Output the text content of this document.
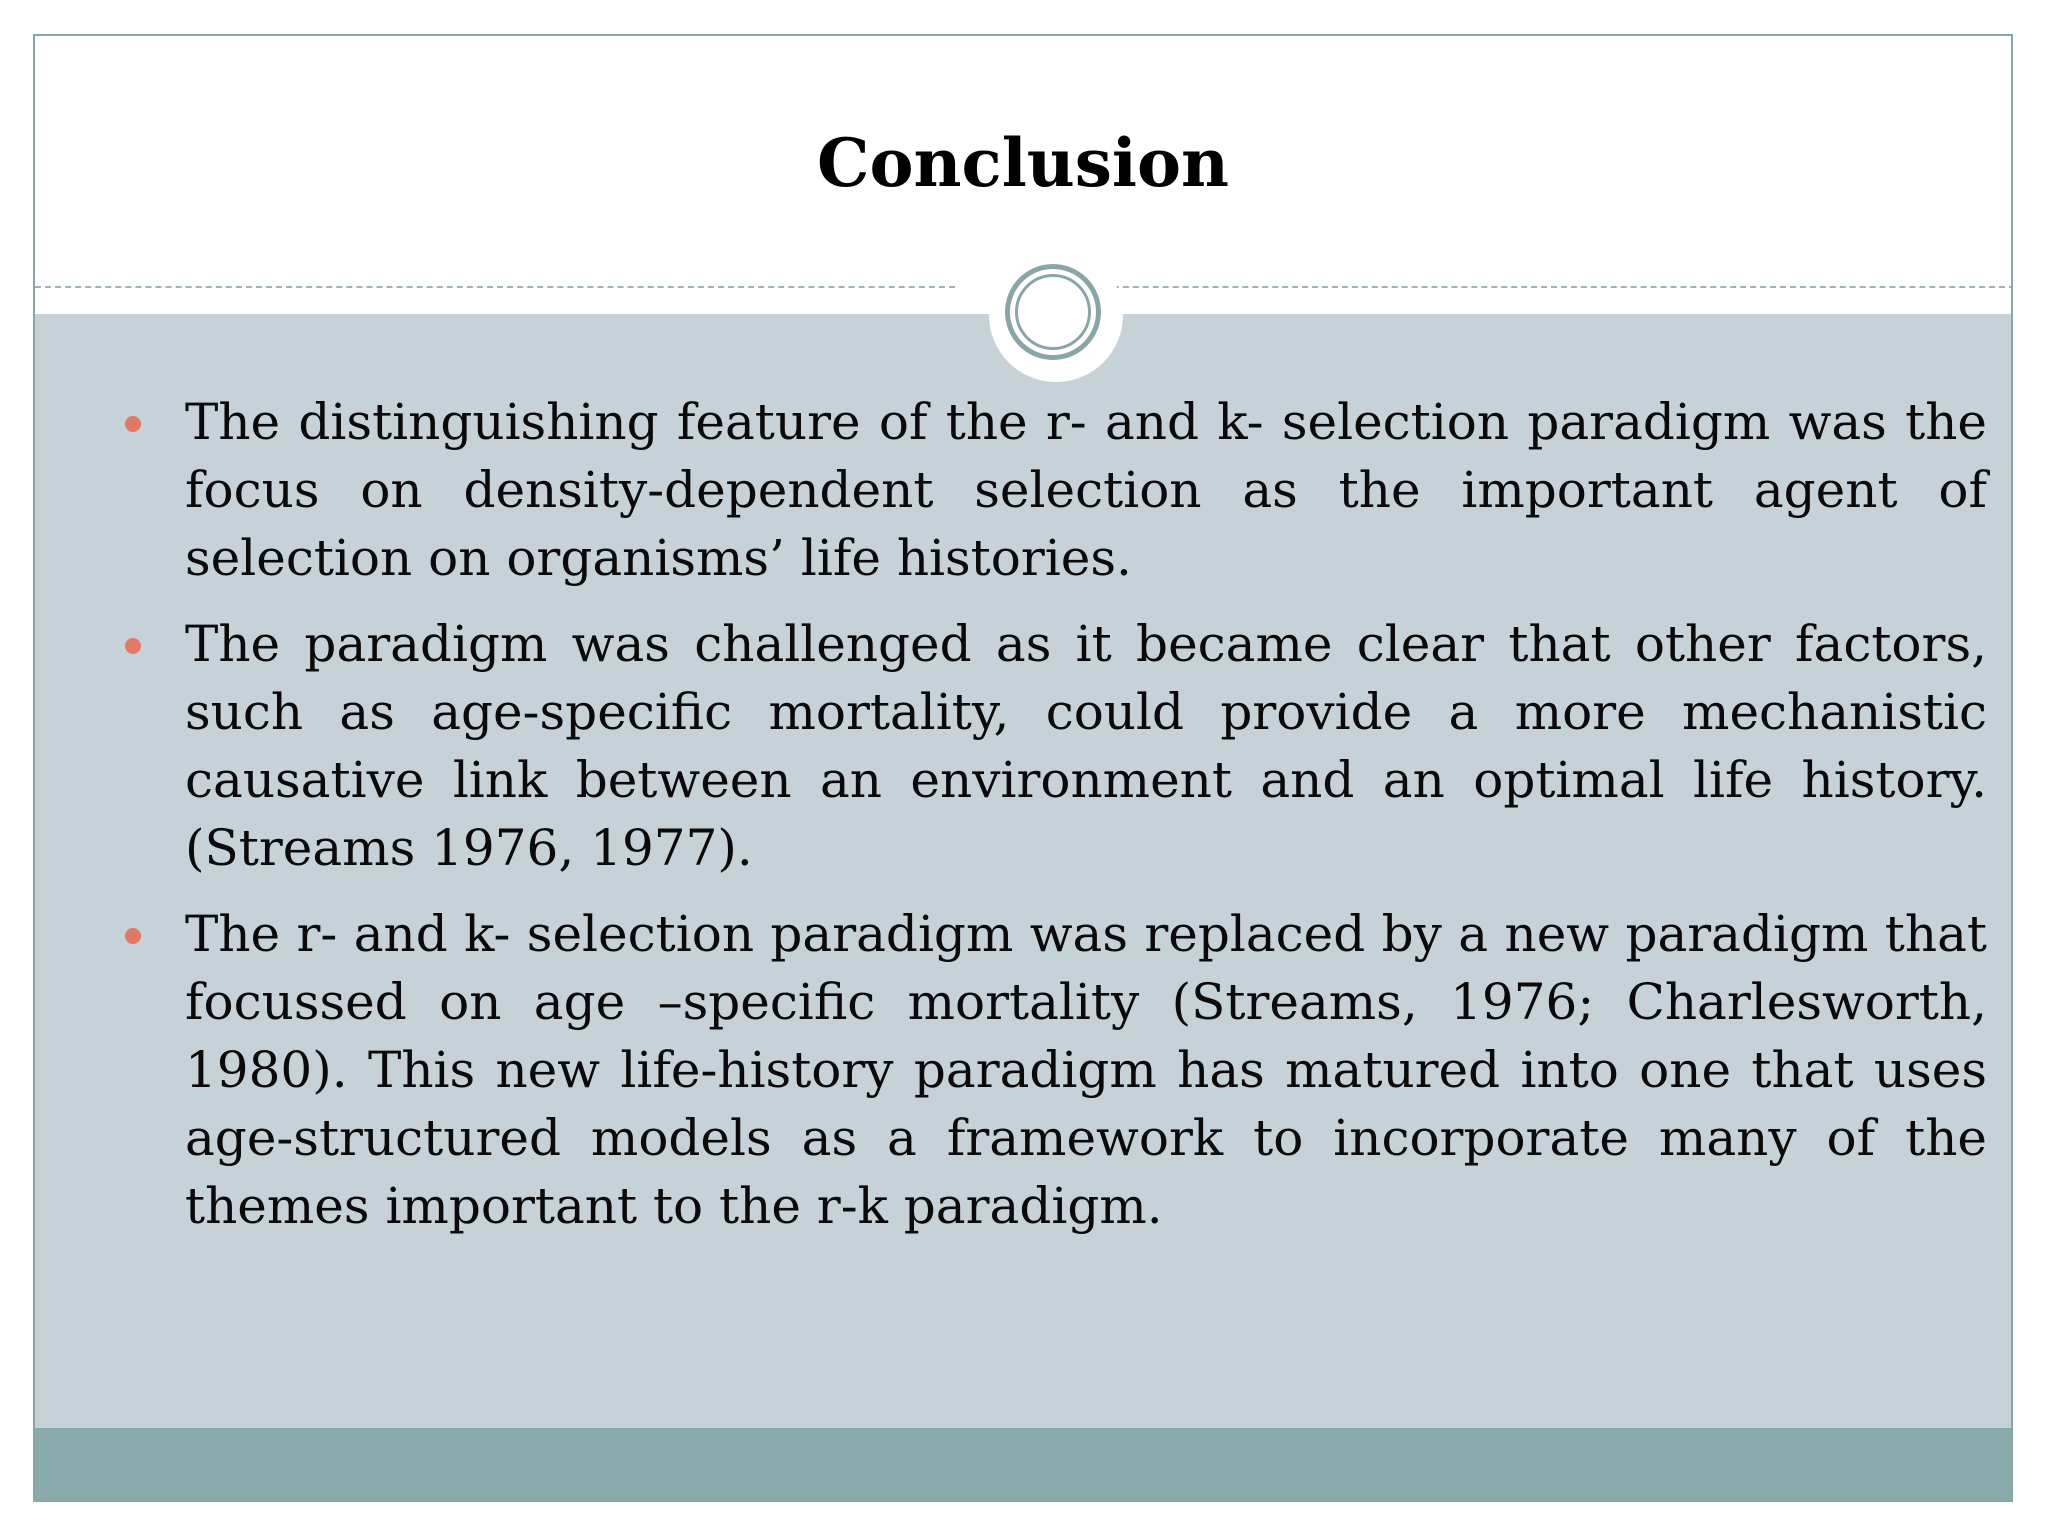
Conclusion
The distinguishing feature of the r- and k- selection paradigm was the focus on density-dependent selection as the important agent of selection on organisms’ life histories.
The paradigm was challenged as it became clear that other factors, such as age-specific mortality, could provide a more mechanistic causative link between an environment and an optimal life history.(Streams 1976, 1977).
The r- and k- selection paradigm was replaced by a new paradigm that focussed on age –specific mortality (Streams, 1976; Charlesworth, 1980). This new life-history paradigm has matured into one that uses age-structured models as a framework to incorporate many of the themes important to the r-k paradigm.
